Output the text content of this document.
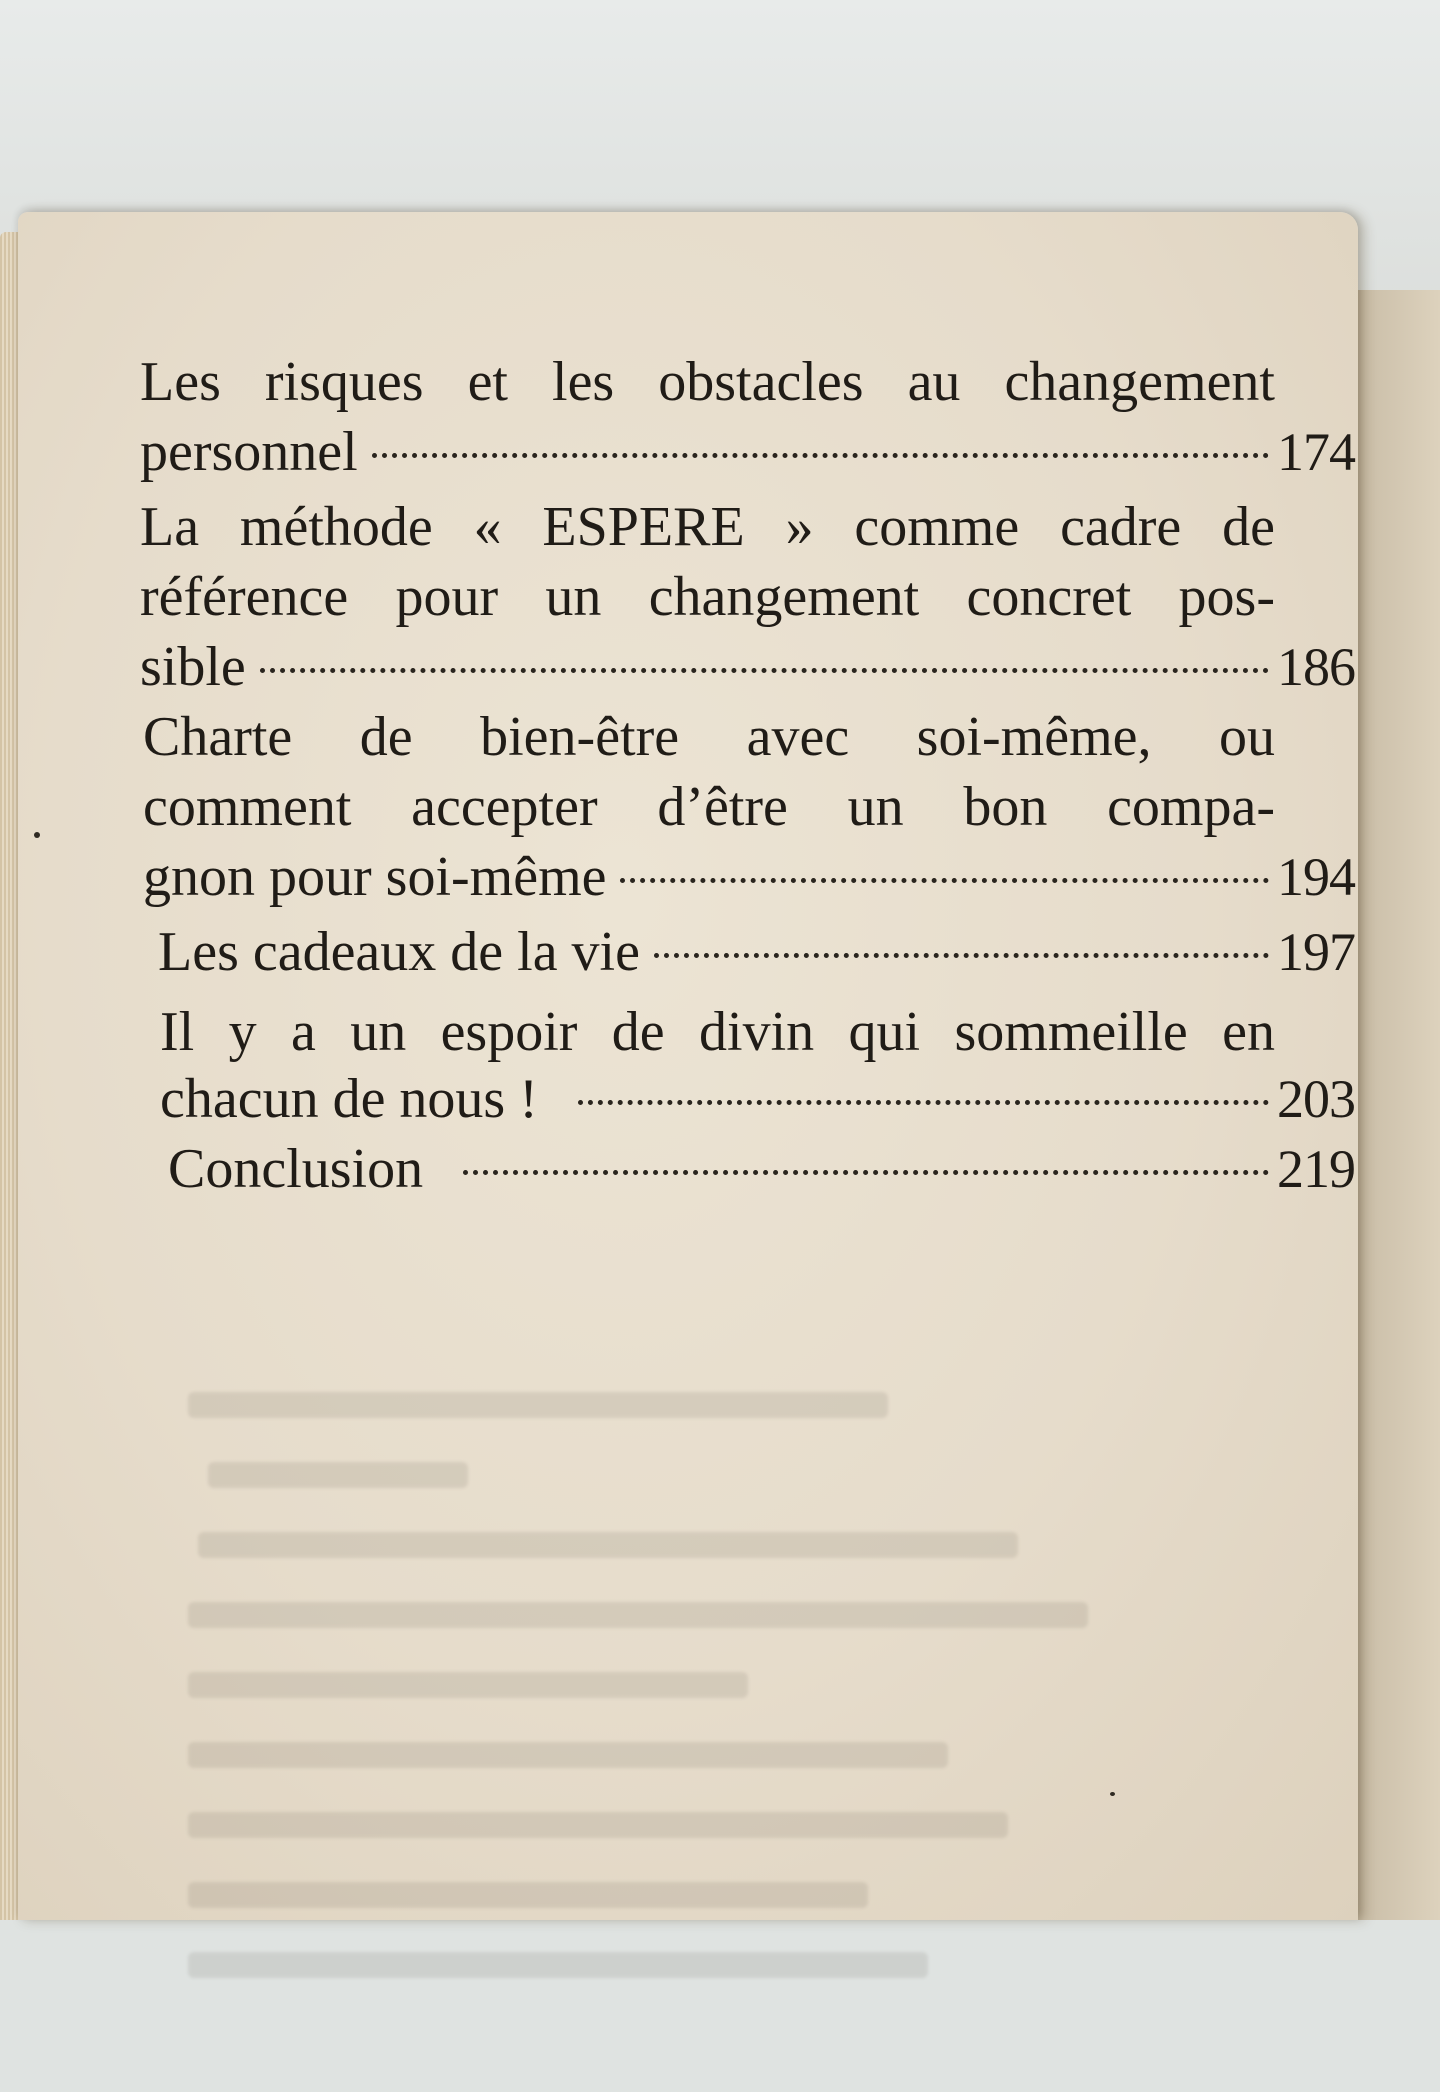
Les risques et les obstacles au changement
personnel	174
La méthode « ESPERE » comme cadre de
référence pour un changement concret pos-
sible	186
Charte de bien-être avec soi-même, ou
comment accepter d’être un bon compa-
gnon pour soi-même	194
Les cadeaux de la vie	197
Il y a un espoir de divin qui sommeille en
chacun de nous !	203
Conclusion	219
